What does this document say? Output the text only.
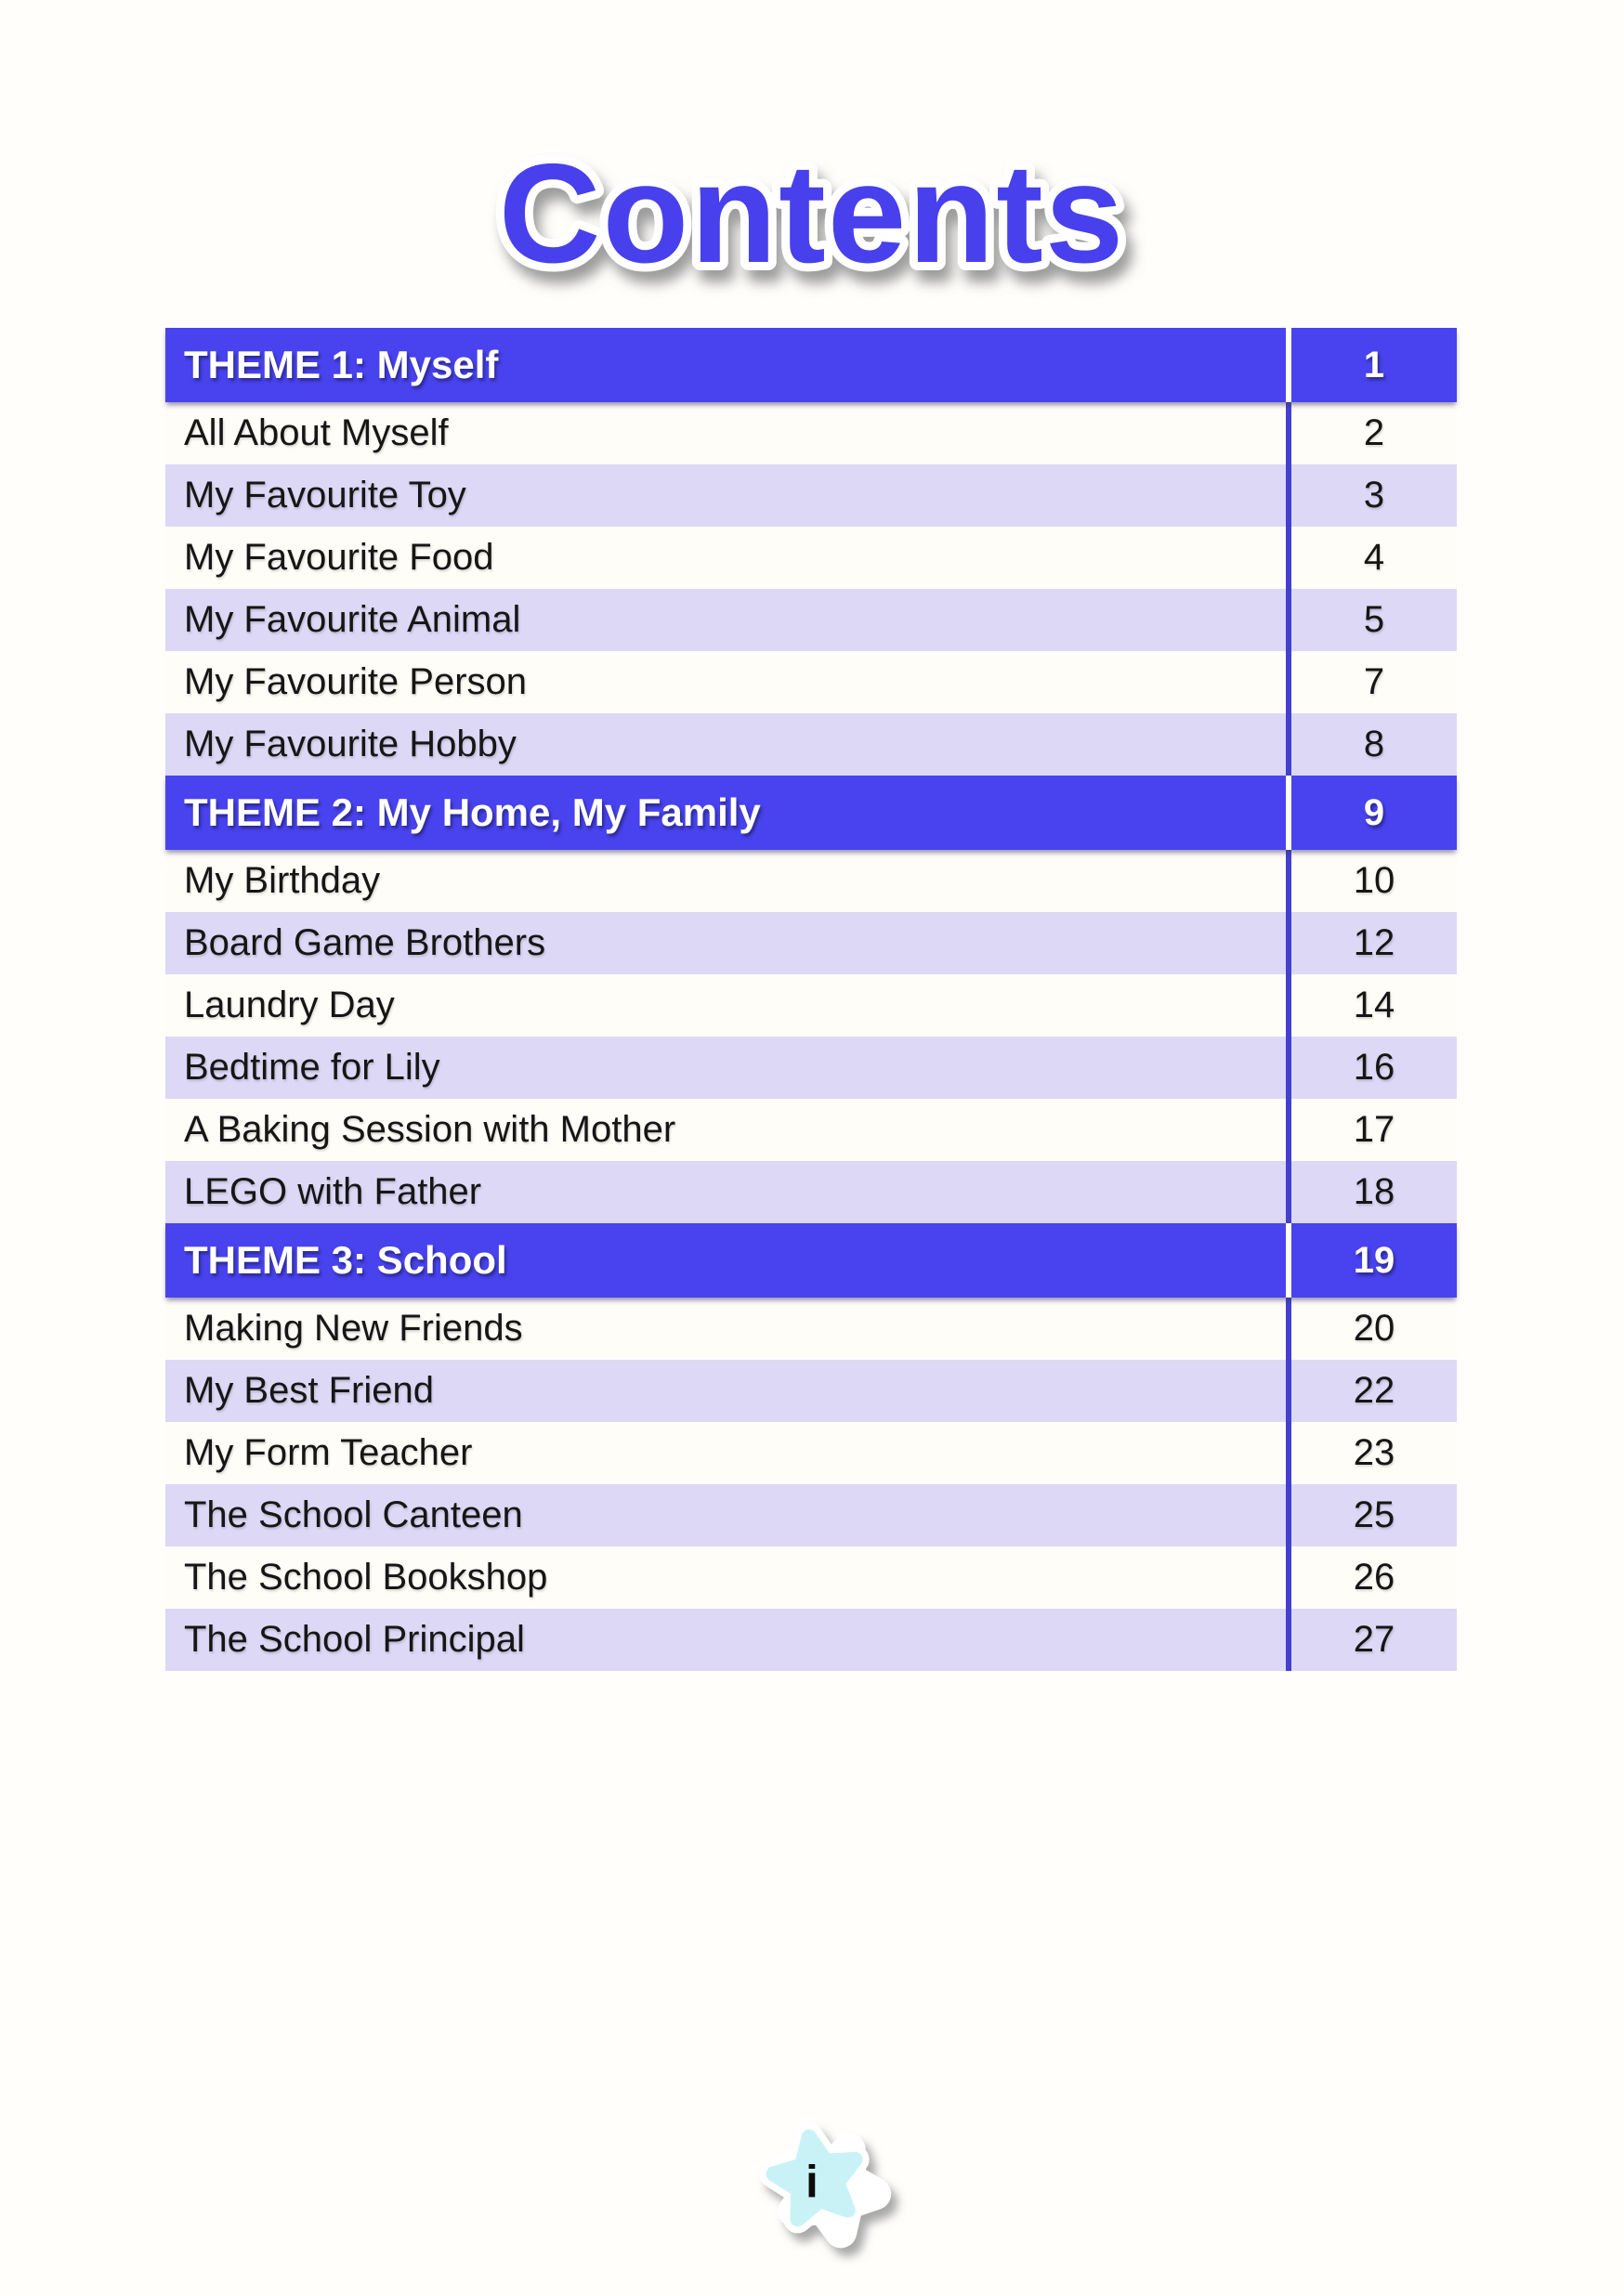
Contents
THEME 1: Myself	1
All About Myself	2
My Favourite Toy	3
My Favourite Food	4
My Favourite Animal	5
My Favourite Person	7
My Favourite Hobby	8
THEME 2: My Home, My Family	9
My Birthday	10
Board Game Brothers	12
Laundry Day	14
Bedtime for Lily	16
A Baking Session with Mother	17
LEGO with Father	18
THEME 3: School	19
Making New Friends	20
My Best Friend	22
My Form Teacher	23
The School Canteen	25
The School Bookshop	26
The School Principal	27
i
